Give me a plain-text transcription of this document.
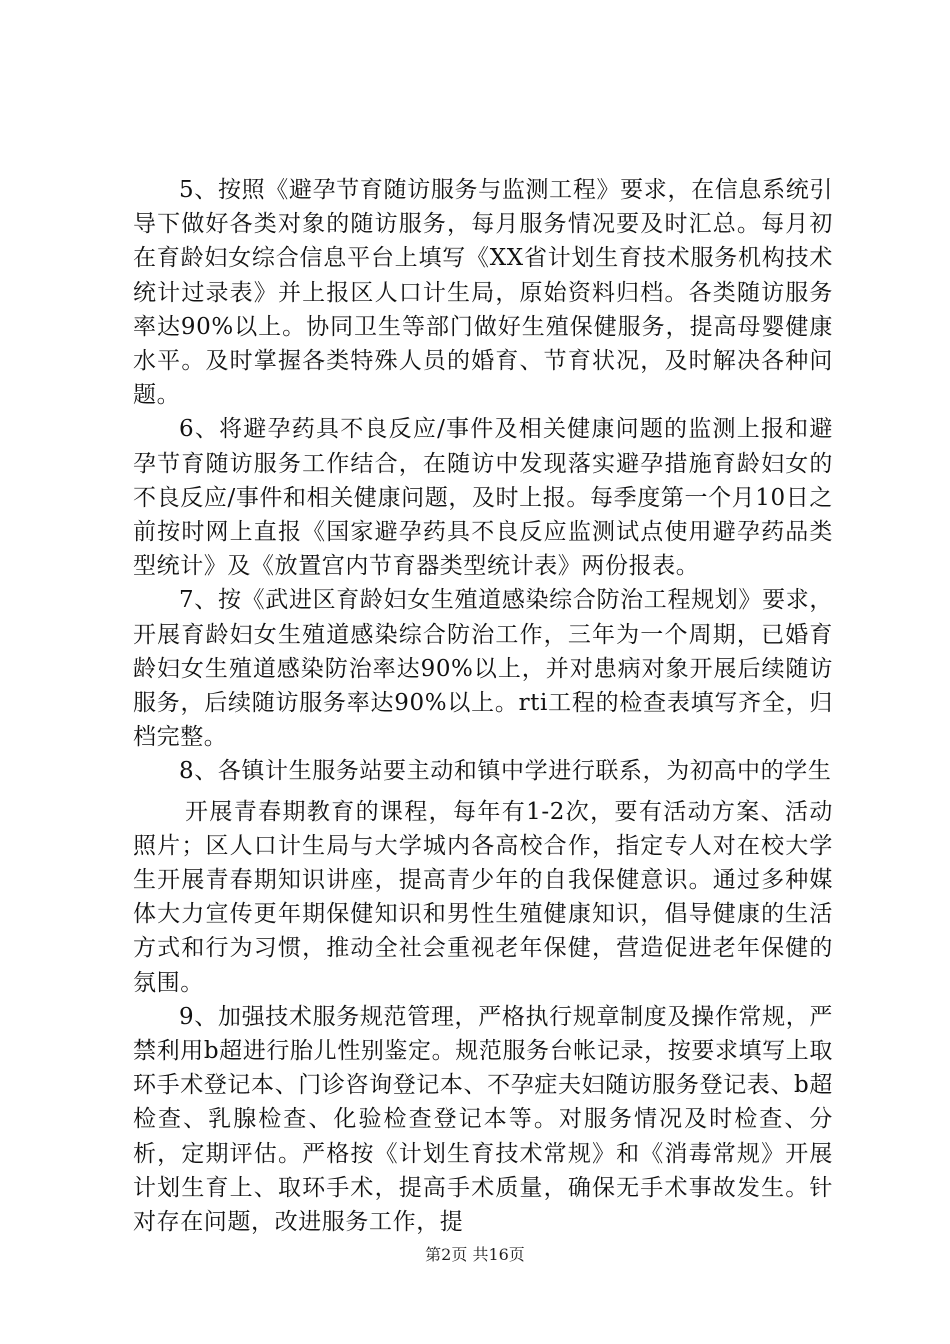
5、按照《避孕节育随访服务与监测工程》要求，在信息系统引导下做好各类对象的随访服务，每月服务情况要及时汇总。每月初在育龄妇女综合信息平台上填写《XX省计划生育技术服务机构技术统计过录表》并上报区人口计生局，原始资料归档。各类随访服务率达90%以上。协同卫生等部门做好生殖保健服务，提高母婴健康水平。及时掌握各类特殊人员的婚育、节育状况，及时解决各种问题。

6、将避孕药具不良反应/事件及相关健康问题的监测上报和避孕节育随访服务工作结合，在随访中发现落实避孕措施育龄妇女的不良反应/事件和相关健康问题，及时上报。每季度第一个月10日之前按时网上直报《国家避孕药具不良反应监测试点使用避孕药品类型统计》及《放置宫内节育器类型统计表》两份报表。

7、按《武进区育龄妇女生殖道感染综合防治工程规划》要求，开展育龄妇女生殖道感染综合防治工作，三年为一个周期，已婚育龄妇女生殖道感染防治率达90%以上，并对患病对象开展后续随访服务，后续随访服务率达90%以上。rti工程的检查表填写齐全，归档完整。

8、各镇计生服务站要主动和镇中学进行联系，为初高中的学生

开展青春期教育的课程，每年有1-2次，要有活动方案、活动照片；区人口计生局与大学城内各高校合作，指定专人对在校大学生开展青春期知识讲座，提高青少年的自我保健意识。通过多种媒体大力宣传更年期保健知识和男性生殖健康知识，倡导健康的生活方式和行为习惯，推动全社会重视老年保健，营造促进老年保健的氛围。

9、加强技术服务规范管理，严格执行规章制度及操作常规，严禁利用b超进行胎儿性别鉴定。规范服务台帐记录，按要求填写上取环手术登记本、门诊咨询登记本、不孕症夫妇随访服务登记表、b超检查、乳腺检查、化验检查登记本等。对服务情况及时检查、分析，定期评估。严格按《计划生育技术常规》和《消毒常规》开展计划生育上、取环手术，提高手术质量，确保无手术事故发生。针对存在问题，改进服务工作，提

第2页 共16页
